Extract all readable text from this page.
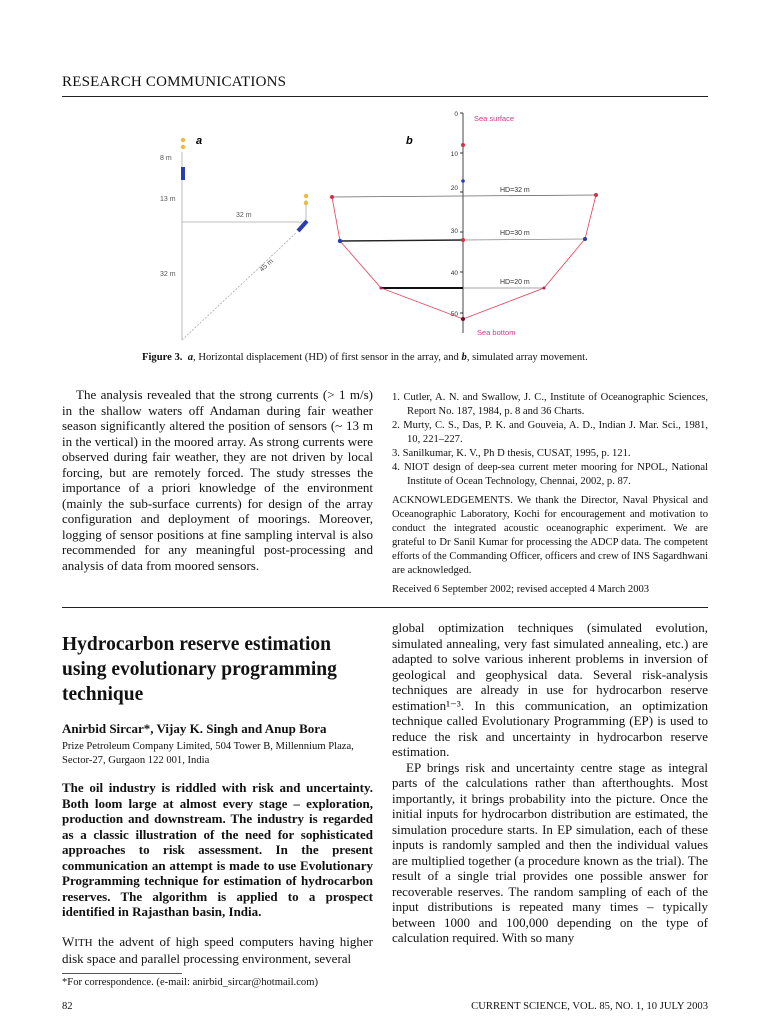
RESEARCH COMMUNICATIONS
a
8 m
13 m
32 m
32 m
45 m
b
0
10
20
30
40
50
Sea surface
Sea bottom
HD=32 m
HD=30 m
HD=20 m
Figure 3. a, Horizontal displacement (HD) of first sensor in the array, and b, simulated array movement.
The analysis revealed that the strong currents (> 1 m/s) in the shallow waters off Andaman during fair weather season significantly altered the position of sensors (~ 13 m in the vertical) in the moored array. As strong currents were observed during fair weather, they are not driven by local forcing, but are remotely forced. The study stresses the importance of a priori knowledge of the environment (mainly the sub-surface currents) for design of the array configuration and deployment of moorings. Moreover, logging of sensor positions at fine sampling interval is also recommended for any meaningful post-processing and analysis of data from moored sensors.
1. Cutler, A. N. and Swallow, J. C., Institute of Oceanographic Sciences, Report No. 187, 1984, p. 8 and 36 Charts.
2. Murty, C. S., Das, P. K. and Gouveia, A. D., Indian J. Mar. Sci., 1981, 10, 221–227.
3. Sanilkumar, K. V., Ph D thesis, CUSAT, 1995, p. 121.
4. NIOT design of deep-sea current meter mooring for NPOL, National Institute of Ocean Technology, Chennai, 2002, p. 87.

ACKNOWLEDGEMENTS. We thank the Director, Naval Physical and Oceanographic Laboratory, Kochi for encouragement and motivation to conduct the integrated acoustic oceanographic experiment. We are grateful to Dr Sanil Kumar for processing the ADCP data. The competent efforts of the Commanding Officer, officers and crew of INS Sagardhwani are acknowledged.

Received 6 September 2002; revised accepted 4 March 2003

Hydrocarbon reserve estimation using evolutionary programming technique
Anirbid Sircar*, Vijay K. Singh and Anup Bora
Prize Petroleum Company Limited, 504 Tower B, Millennium Plaza, Sector-27, Gurgaon 122 001, India
The oil industry is riddled with risk and uncertainty. Both loom large at almost every stage – exploration, production and downstream. The industry is regarded as a classic illustration of the need for sophisticated approaches to risk assessment. In the present communication an attempt is made to use Evolutionary Programming technique for estimation of hydrocarbon reserves. The algorithm is applied to a prospect identified in Rajasthan basin, India.

WITH the advent of high speed computers having higher disk space and parallel processing environment, several

*For correspondence. (e-mail: anirbid_sircar@hotmail.com)

global optimization techniques (simulated evolution, simulated annealing, very fast simulated annealing, etc.) are adapted to solve various inherent problems in inversion of geological and geophysical data. Several risk-analysis techniques are already in use for hydrocarbon reserve estimation¹⁻³. In this communication, an optimization technique called Evolutionary Programming (EP) is used to reduce the risk and uncertainty in hydrocarbon reserve estimation.

EP brings risk and uncertainty centre stage as integral parts of the calculations rather than afterthoughts. Most importantly, it brings probability into the picture. Once the initial inputs for hydrocarbon distribution are estimated, the simulation procedure starts. In EP simulation, each of these inputs is randomly sampled and then the individual values are multiplied together (a procedure known as the trial). The result of a single trial provides one possible answer for recoverable reserves. The random sampling of each of the input distributions is repeated many times – typically between 1000 and 100,000 depending on the type of calculation required. With so many

82	CURRENT SCIENCE, VOL. 85, NO. 1, 10 JULY 2003
